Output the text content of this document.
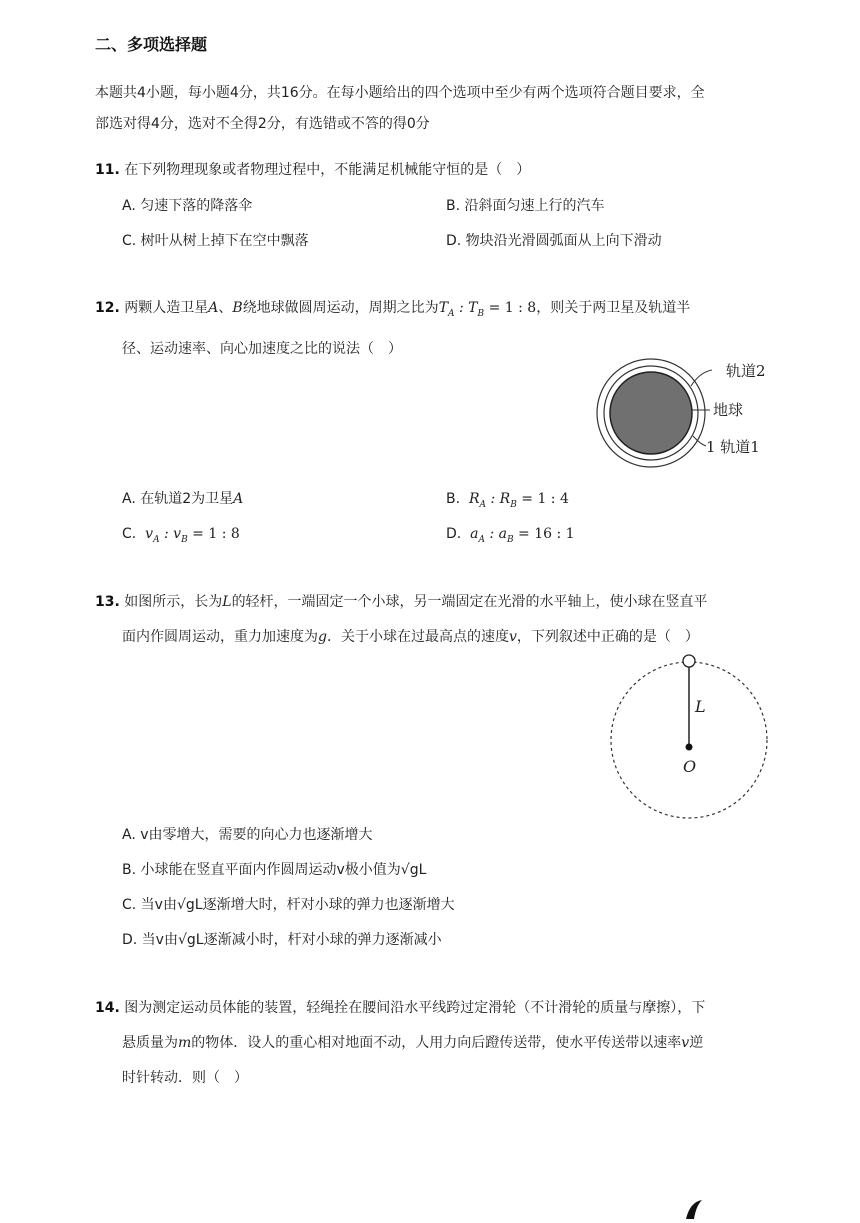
二、多项选择题
本题共4小题，每小题4分，共16分。在每小题给出的四个选项中至少有两个选项符合题目要求，全
部选对得4分，选对不全得2分，有选错或不答的得0分
11. 在下列物理现象或者物理过程中，不能满足机械能守恒的是（　）
A. 匀速下落的降落伞	B. 沿斜面匀速上行的汽车
C. 树叶从树上掉下在空中飘落	D. 物块沿光滑圆弧面从上向下滑动
12. 两颗人造卫星A、B绕地球做圆周运动，周期之比为$T_A$ : $T_B = 1$ : 8，则关于两卫星及轨道半
径、运动速率、向心加速度之比的说法（　）
轨道2
地球
1 轨道1
A. 在轨道2为卫星A	B. $R_A$ : $R_B = 1$ : 4
C. $v_A$ : $v_B = 1$ : 8	D. $a_A$ : $a_B = 16$ : 1
13. 如图所示，长为L的轻杆，一端固定一个小球，另一端固定在光滑的水平轴上，使小球在竖直平
面内作圆周运动，重力加速度为g．关于小球在过最高点的速度v，下列叙述中正确的是（　）
L
O
A. v由零增大，需要的向心力也逐渐增大
B. 小球能在竖直平面内作圆周运动v极小值为√gL
C. 当v由√gL逐渐增大时，杆对小球的弹力也逐渐增大
D. 当v由√gL逐渐减小时，杆对小球的弹力逐渐减小
14. 图为测定运动员体能的装置，轻绳拴在腰间沿水平线跨过定滑轮（不计滑轮的质量与摩擦），下
悬质量为m的物体．设人的重心相对地面不动，人用力向后蹬传送带，使水平传送带以速率v逆
时针转动．则（　）
